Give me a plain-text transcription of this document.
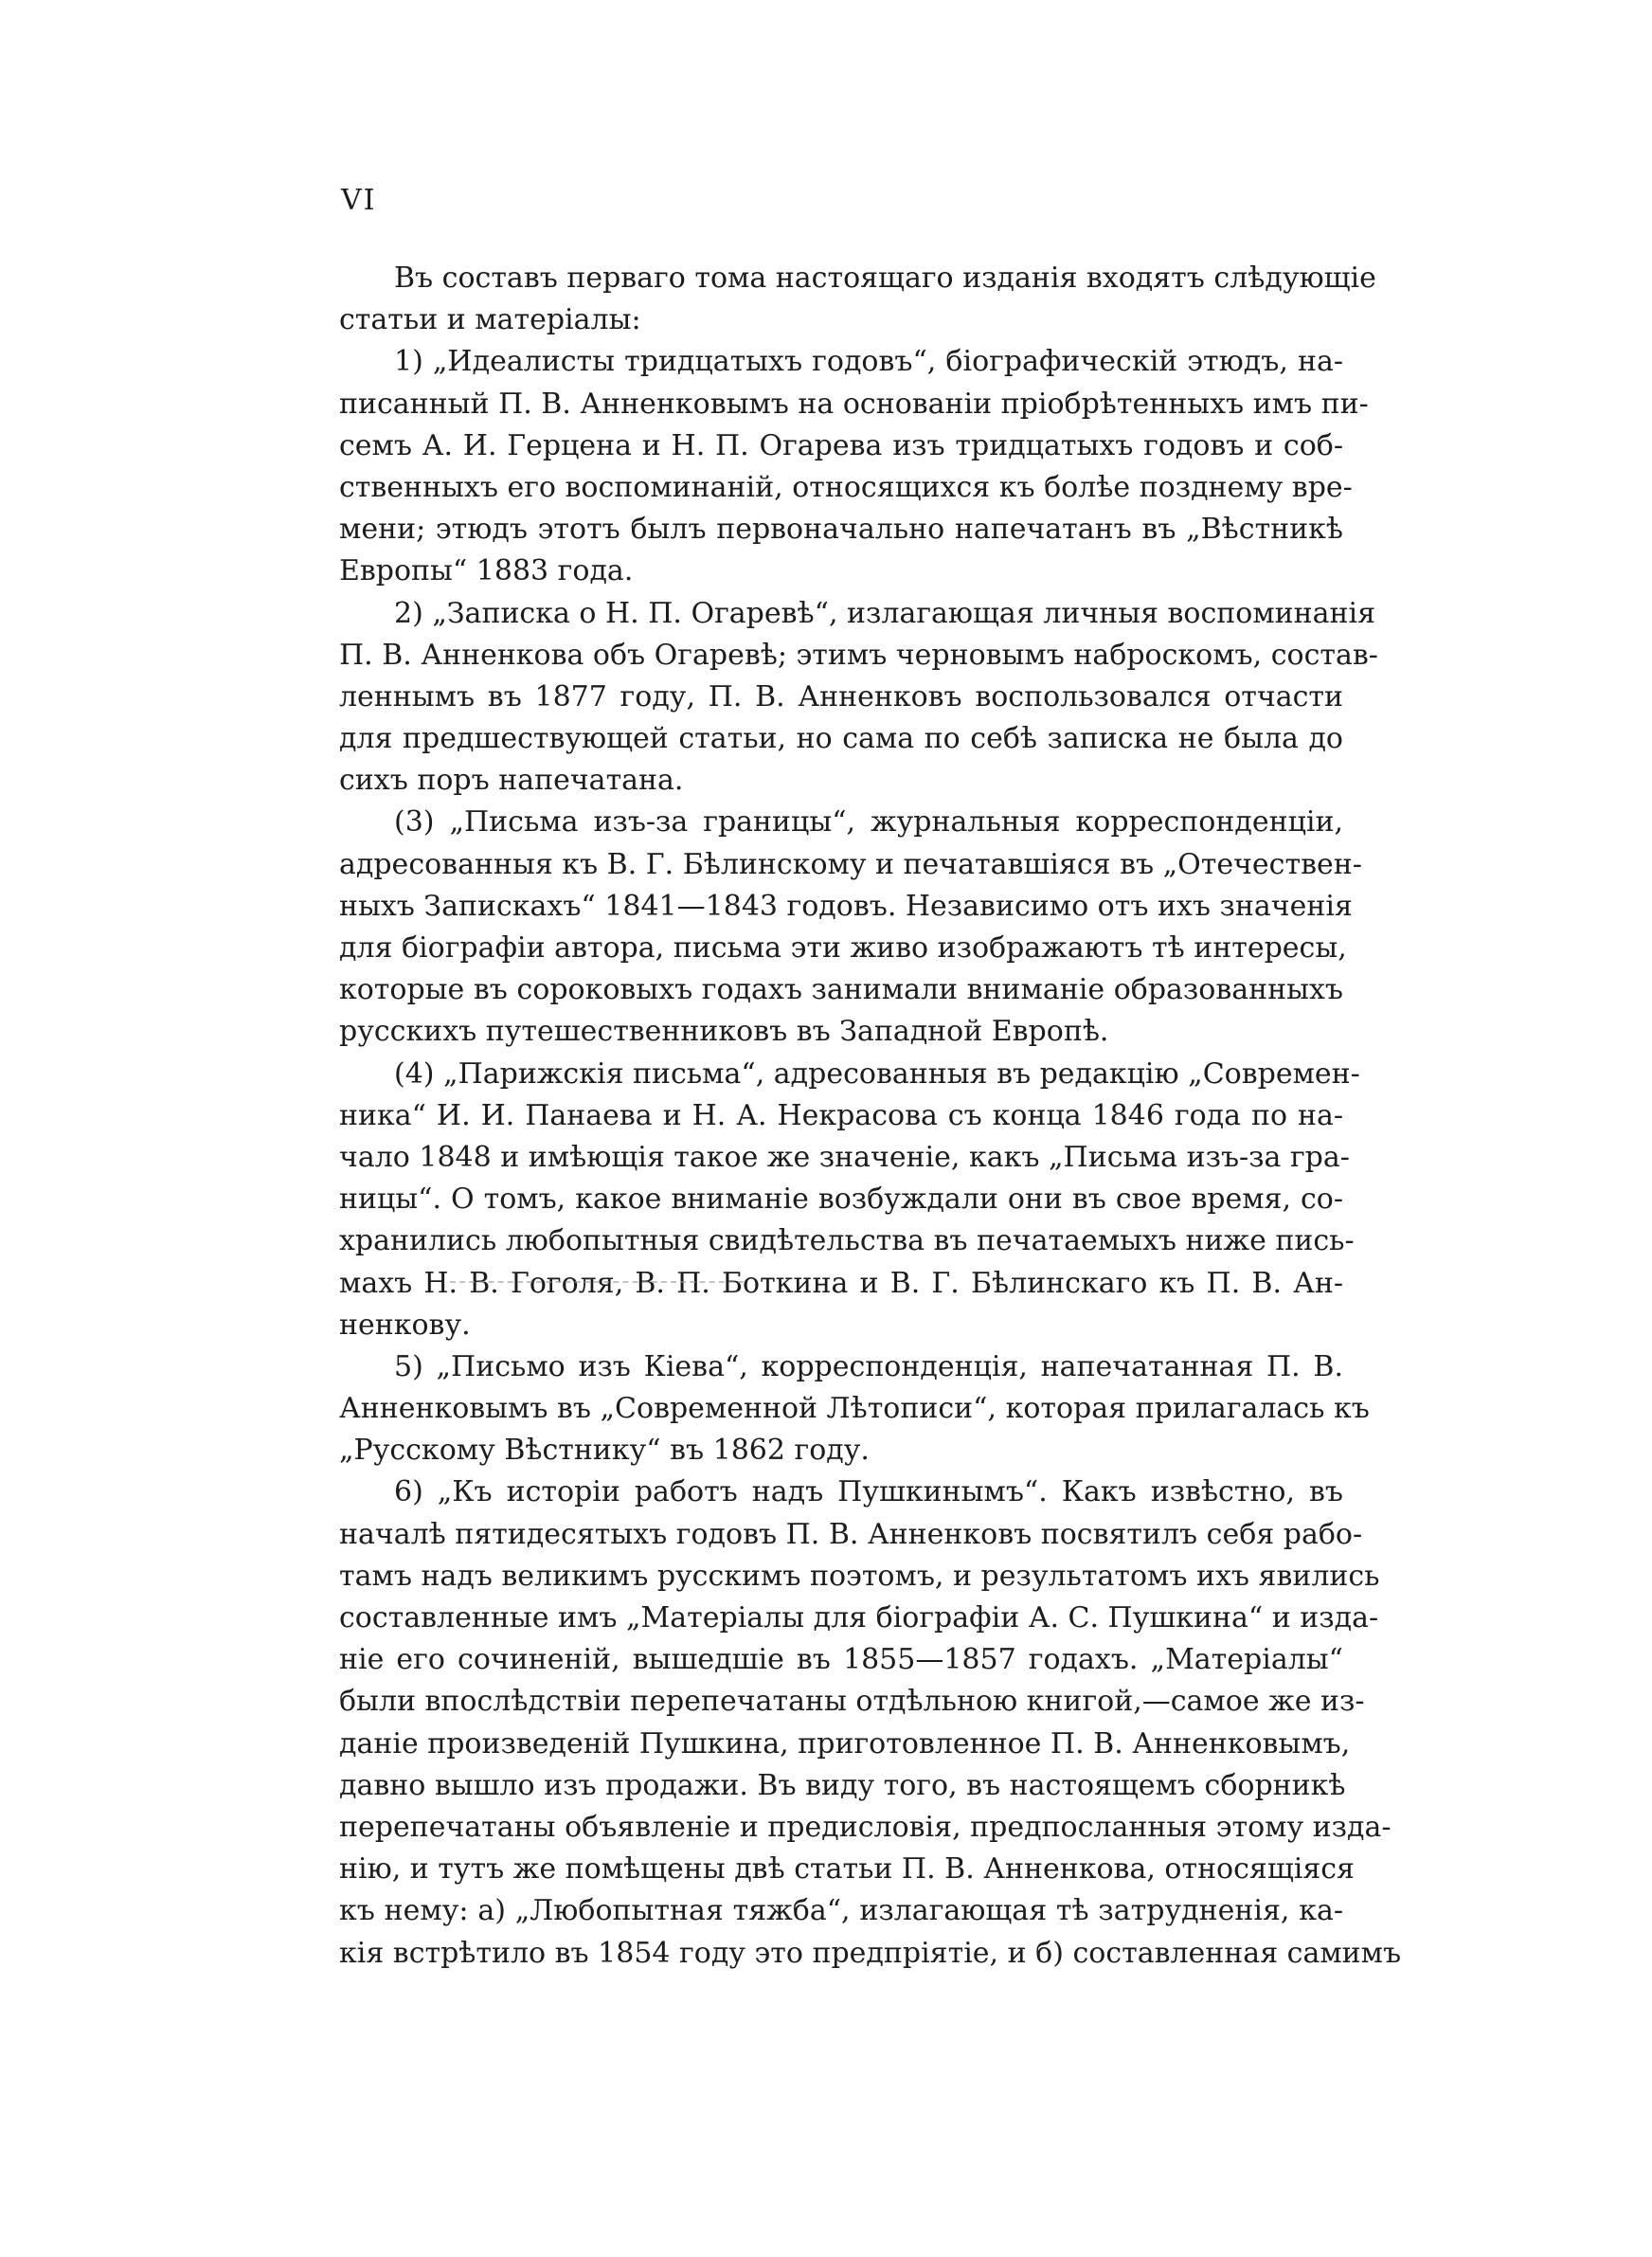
VI
Въ составъ перваго тома настоящаго изданія входятъ слѣдующіе
статьи и матеріалы:
1) „Идеалисты тридцатыхъ годовъ“, біографическій этюдъ, на-
писанный П. В. Анненковымъ на основаніи пріобрѣтенныхъ имъ пи-
семъ А. И. Герцена и Н. П. Огарева изъ тридцатыхъ годовъ и соб-
ственныхъ его воспоминаній, относящихся къ болѣе позднему вре-
мени; этюдъ этотъ былъ первоначально напечатанъ въ „Вѣстникѣ
Европы“ 1883 года.
2) „Записка о Н. П. Огаревѣ“, излагающая личныя воспоминанія
П. В. Анненкова объ Огаревѣ; этимъ черновымъ наброскомъ, состав-
леннымъ въ 1877 году, П. В. Анненковъ воспользовался отчасти
для предшествующей статьи, но сама по себѣ записка не была до
сихъ поръ напечатана.
(3) „Письма изъ-за границы“, журнальныя корреспонденціи,
адресованныя къ В. Г. Бѣлинскому и печатавшіяся въ „Отечествен-
ныхъ Запискахъ“ 1841—1843 годовъ. Независимо отъ ихъ значенія
для біографіи автора, письма эти живо изображаютъ тѣ интересы,
которые въ сороковыхъ годахъ занимали вниманіе образованныхъ
русскихъ путешественниковъ въ Западной Европѣ.
(4) „Парижскія письма“, адресованныя въ редакцію „Современ-
ника“ И. И. Панаева и Н. А. Некрасова съ конца 1846 года по на-
чало 1848 и имѣющія такое же значеніе, какъ „Письма изъ-за гра-
ницы“. О томъ, какое вниманіе возбуждали они въ свое время, со-
хранились любопытныя свидѣтельства въ печатаемыхъ ниже пись-
махъ Н. В. Гоголя, В. П. Боткина и В. Г. Бѣлинскаго къ П. В. Ан-
ненкову.
5) „Письмо изъ Кіева“, корреспонденція, напечатанная П. В.
Анненковымъ въ „Современной Лѣтописи“, которая прилагалась къ
„Русскому Вѣстнику“ въ 1862 году.
6) „Къ исторіи работъ надъ Пушкинымъ“. Какъ извѣстно, въ
началѣ пятидесятыхъ годовъ П. В. Анненковъ посвятилъ себя рабо-
тамъ надъ великимъ русскимъ поэтомъ, и результатомъ ихъ явились
составленные имъ „Матеріалы для біографіи А. С. Пушкина“ и изда-
ніе его сочиненій, вышедшіе въ 1855—1857 годахъ. „Матеріалы“
были впослѣдствіи перепечатаны отдѣльною книгой,—самое же из-
даніе произведеній Пушкина, приготовленное П. В. Анненковымъ,
давно вышло изъ продажи. Въ виду того, въ настоящемъ сборникѣ
перепечатаны объявленіе и предисловія, предпосланныя этому изда-
нію, и тутъ же помѣщены двѣ статьи П. В. Анненкова, относящіяся
къ нему: а) „Любопытная тяжба“, излагающая тѣ затрудненія, ка-
кія встрѣтило въ 1854 году это предпріятіе, и б) составленная самимъ
